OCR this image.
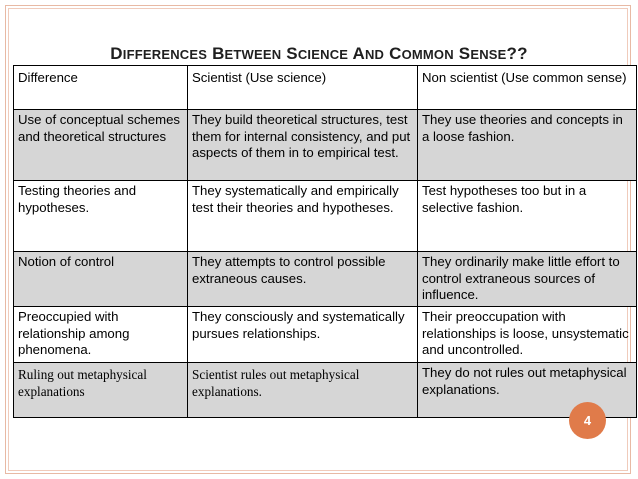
DIFFERENCES BETWEEN SCIENCE AND COMMON SENSE??
Difference	Scientist (Use science)	Non scientist (Use common sense)
Use of conceptual schemes and theoretical structures	They build theoretical structures, test them for internal consistency, and put aspects of them in to empirical test.	They use theories and concepts in a loose fashion.
Testing theories and hypotheses.	They systematically and empirically test their theories and hypotheses.	Test hypotheses too but in a selective fashion.
Notion of control	They attempts to control possible extraneous causes.	They ordinarily make little effort to control extraneous sources of influence.
Preoccupied with relationship among phenomena.	They consciously and systematically pursues relationships.	Their preoccupation with relationships is loose, unsystematic and uncontrolled.
Ruling out metaphysical explanations	Scientist rules out metaphysical explanations.	They do not rules out metaphysical explanations.
4
